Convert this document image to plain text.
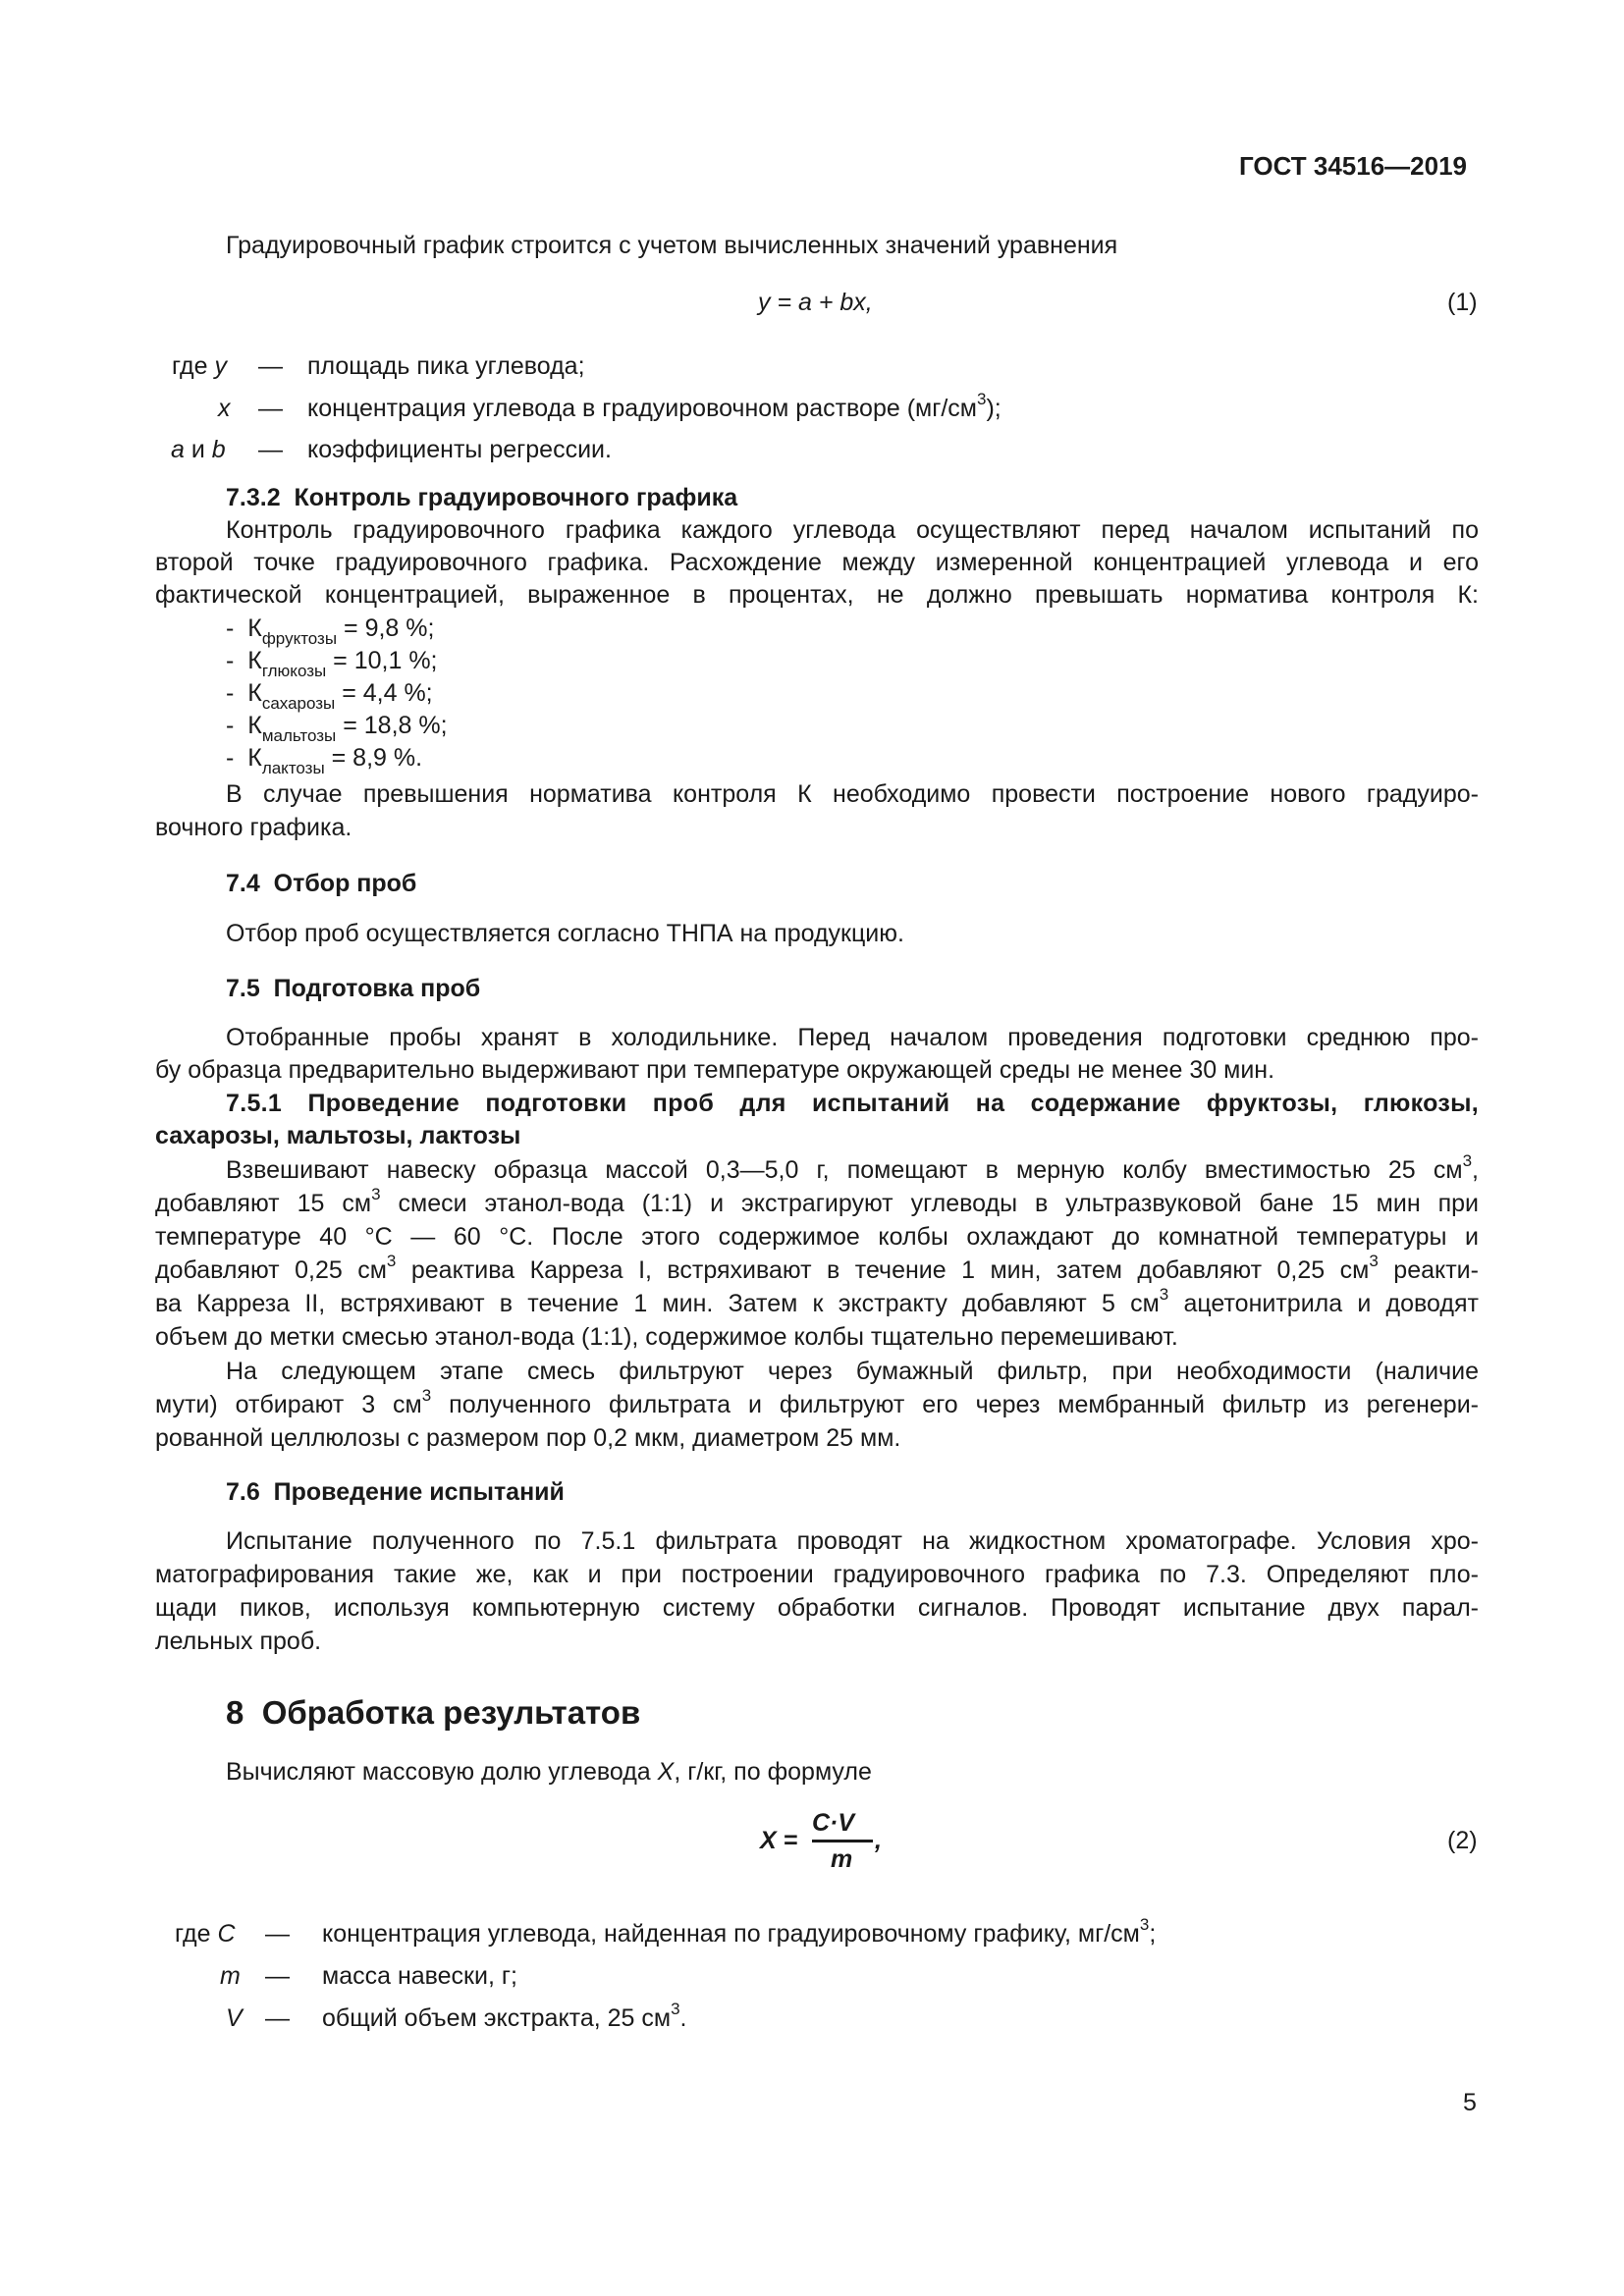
ГОСТ 34516—2019
Градуировочный график строится с учетом вычисленных значений уравнения
y = a + bx,	(1)
где y — площадь пика углевода;
x — концентрация углевода в градуировочном растворе $(мг/см^3)$;
a и b — коэффициенты регрессии.
7.3.2 Контроль градуировочного графика
Контроль градуировочного графика каждого углевода осуществляют перед началом испытаний по
второй точке градуировочного графика. Расхождение между измеренной концентрацией углевода и его
фактической концентрацией, выраженное в процентах, не должно превышать норматива контроля К:
- $К_{фруктозы} = 9,8$ %;
- $К_{глюкозы} = 10,1$ %;
- $К_{сахарозы} = 4,4$ %;
- $К_{мальтозы} = 18,8$ %;
- $К_{лактозы} = 8,9$ %.
В случае превышения норматива контроля К необходимо провести построение нового градуиро-
вочного графика.
7.4 Отбор проб
Отбор проб осуществляется согласно ТНПА на продукцию.
7.5 Подготовка проб
Отобранные пробы хранят в холодильнике. Перед началом проведения подготовки среднюю про-
бу образца предварительно выдерживают при температуре окружающей среды не менее 30 мин.
7.5.1 Проведение подготовки проб для испытаний на содержание фруктозы, глюкозы,
сахарозы, мальтозы, лактозы
Взвешивают навеску образца массой 0,3—5,0 г, помещают в мерную колбу вместимостью 25 $см^3$,
добавляют 15 $см^3$ смеси этанол-вода (1:1) и экстрагируют углеводы в ультразвуковой бане 15 мин при
температуре 40 °С — 60 °С. После этого содержимое колбы охлаждают до комнатной температуры и
добавляют 0,25 $см^3$ реактива Карреза I, встряхивают в течение 1 мин, затем добавляют 0,25 $см^3$ реакти-
ва Карреза II, встряхивают в течение 1 мин. Затем к экстракту добавляют 5 $см^3$ ацетонитрила и доводят
объем до метки смесью этанол-вода (1:1), содержимое колбы тщательно перемешивают.
На следующем этапе смесь фильтруют через бумажный фильтр, при необходимости (наличие
мути) отбирают 3 $см^3$ полученного фильтрата и фильтруют его через мембранный фильтр из регенери-
рованной целлюлозы с размером пор 0,2 мкм, диаметром 25 мм.
7.6 Проведение испытаний
Испытание полученного по 7.5.1 фильтрата проводят на жидкостном хроматографе. Условия хро-
матографирования такие же, как и при построении градуировочного графика по 7.3. Определяют пло-
щади пиков, используя компьютерную систему обработки сигналов. Проводят испытание двух парал-
лельных проб.
8 Обработка результатов
Вычисляют массовую долю углевода X, г/кг, по формуле
X =
C·V
m
,	(2)
где C — концентрация углевода, найденная по градуировочному графику, $мг/см^3$;
m — масса навески, г;
V — общий объем экстракта, 25 $см^3$.
5
